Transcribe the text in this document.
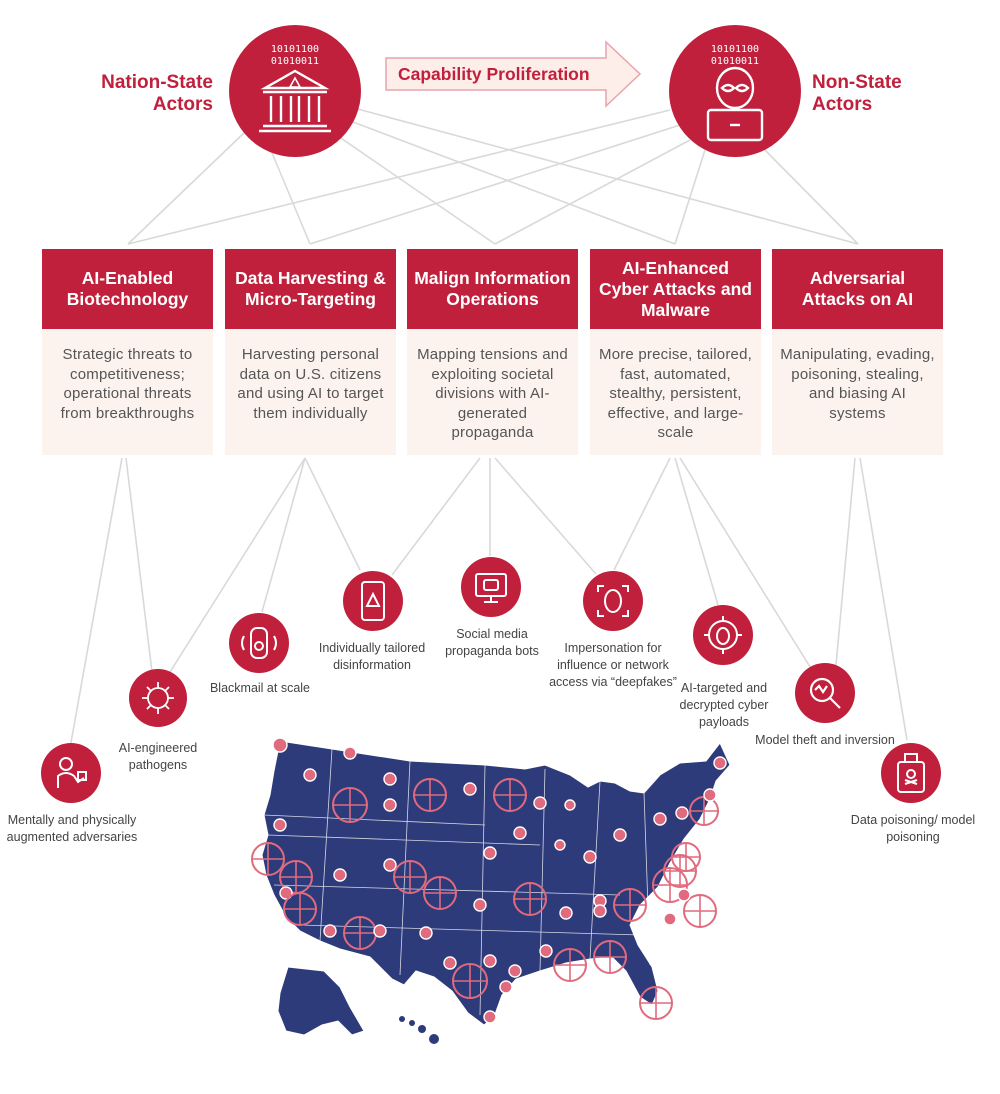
Nation-State
Actors
10101100
01010011
10101100
01010011
Non-State
Actors
Capability Proliferation
AI-Enabled Biotechnology
Strategic threats to competitiveness; operational threats from breakthroughs
Data Harvesting & Micro-Targeting
Harvesting personal data on U.S. citizens and using AI to target them individually
Malign Information Operations
Mapping tensions and exploiting societal divisions with AI-generated propaganda
AI-Enhanced Cyber Attacks and Malware
More precise, tailored, fast, automated, stealthy, persistent, effective, and large-scale
Adversarial Attacks on AI
Manipulating, evading, poisoning, stealing, and biasing AI systems
Mentally and physically augmented adversaries
AI-engineered pathogens
Blackmail at scale
Individually tailored disinformation
Social media propaganda bots	Impersonation for influence or network access via “deepfakes” AI-targeted and decrypted cyber payloads
Model theft and inversion
Data poisoning/ model poisoning
